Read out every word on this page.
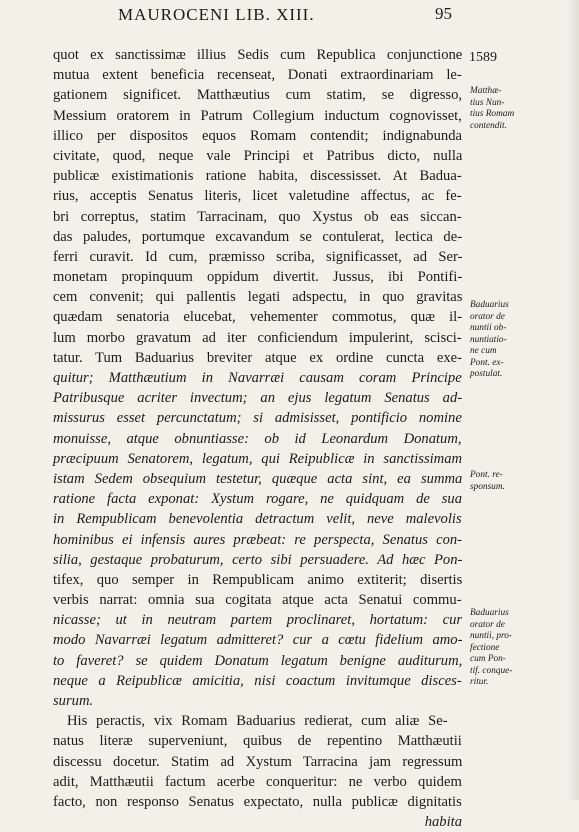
MAUROCENI LIB. XIII.	95
1589
quot ex sanctissimæ illius Sedis cum Republica conjunctione
mutua extent beneficia recenseat, Donati extraordinariam le-
gationem significet. Matthæutius cum statim, se digresso,
Messium oratorem in Patrum Collegium inductum cognovisset,
illico per dispositos equos Romam contendit; indignabunda
civitate, quod, neque vale Principi et Patribus dicto, nulla
publicæ existimationis ratione habita, discessisset. At Badua-
rius, acceptis Senatus literis, licet valetudine affectus, ac fe-
bri correptus, statim Tarracinam, quo Xystus ob eas siccan-
das paludes, portumque excavandum se contulerat, lectica de-
ferri curavit. Id cum, præmisso scriba, significasset, ad Ser-
monetam propinquum oppidum divertit. Jussus, ibi Pontifi-
cem convenit; qui pallentis legati adspectu, in quo gravitas
quædam senatoria elucebat, vehementer commotus, quæ il-
lum morbo gravatum ad iter conficiendum impulerint, scisci-
tatur. Tum Baduarius breviter atque ex ordine cuncta exe-
quitur; Matthæutium in Navarræi causam coram Principe
Patribusque acriter invectum; an ejus legatum Senatus ad-
missurus esset percunctatum; si admisisset, pontificio nomine
monuisse, atque obnuntiasse: ob id Leonardum Donatum,
præcipuum Senatorem, legatum, qui Reipublicæ in sanctissimam
istam Sedem obsequium testetur, quæque acta sint, ea summa
ratione facta exponat: Xystum rogare, ne quidquam de sua
in Rempublicam benevolentia detractum velit, neve malevolis
hominibus ei infensis aures præbeat: re perspecta, Senatus con-
silia, gestaque probaturum, certo sibi persuadere. Ad hæc Pon-
tifex, quo semper in Rempublicam animo extiterit; disertis
verbis narrat: omnia sua cogitata atque acta Senatui commu-
nicasse; ut in neutram partem proclinaret, hortatum: cur
modo Navarræi legatum admitteret? cur a cœtu fidelium amo-
to faveret? se quidem Donatum legatum benigne auditurum,
neque a Reipublicæ amicitia, nisi coactum invitumque disces-
surum.
His peractis, vix Romam Baduarius redierat, cum aliæ Se-
natus literæ superveniunt, quibus de repentino Matthæutii
discessu docetur. Statim ad Xystum Tarracina jam regressum
adit, Matthæutii factum acerbe conqueritur: ne verbo quidem
facto, non responso Senatus expectato, nulla publicæ dignitatis
habita
Matthæ-
tius Nun-
tius Romam
contendit.
Baduarius
orator de
nuntii ob-
nuntiatio-
ne cum
Pont. ex-
postulat.
Pont. re-
sponsum.
Baduarius
orator de
nuntii, pro-
fectione
cum Pon-
tif. conque-
ritur.
